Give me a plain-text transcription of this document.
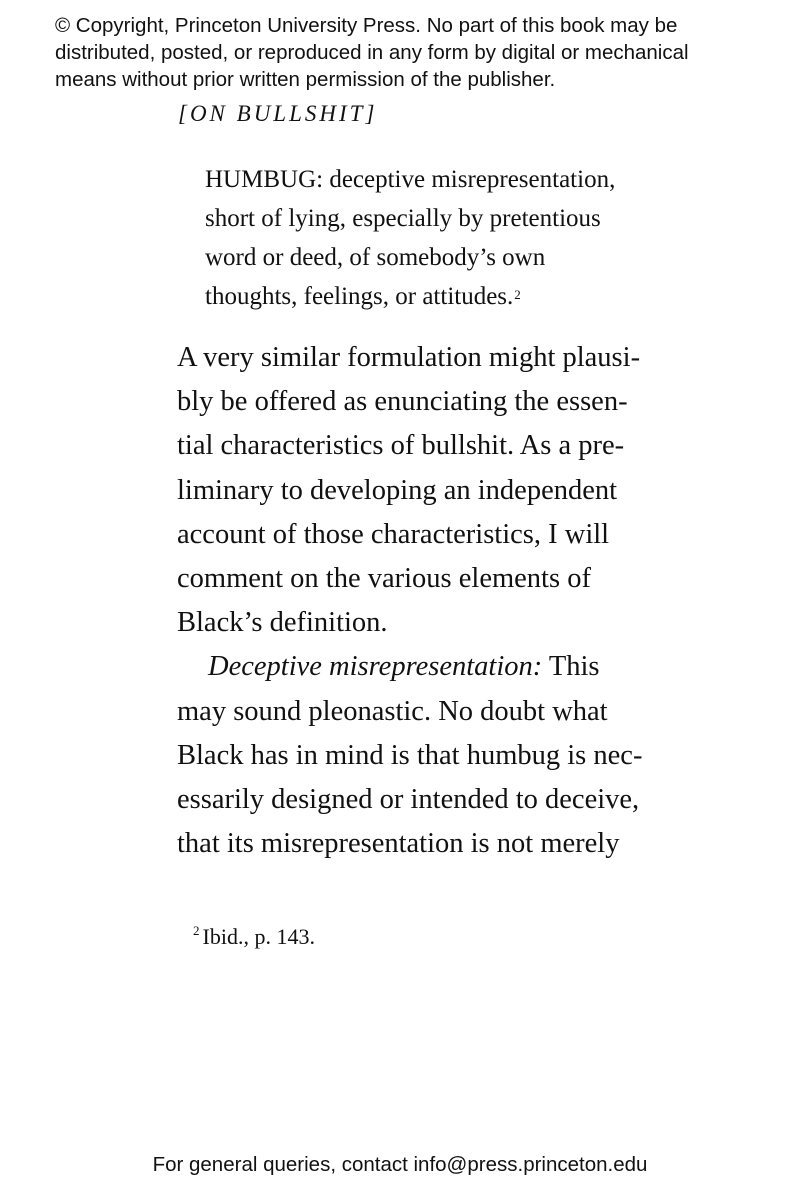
© Copyright, Princeton University Press. No part of this book may be
distributed, posted, or reproduced in any form by digital or mechanical
means without prior written permission of the publisher.
[ON BULLSHIT]
HUMBUG: deceptive misrepresentation,
short of lying, especially by pretentious
word or deed, of somebody’s own
thoughts, feelings, or attitudes.$^2$
A very similar formulation might plausi-
bly be offered as enunciating the essen-
tial characteristics of bullshit. As a pre-
liminary to developing an independent
account of those characteristics, I will
comment on the various elements of
Black’s definition.
Deceptive misrepresentation: This
may sound pleonastic. No doubt what
Black has in mind is that humbug is nec-
essarily designed or intended to deceive,
that its misrepresentation is not merely
$^2$ Ibid., p. 143.
For general queries, contact info@press.princeton.edu
